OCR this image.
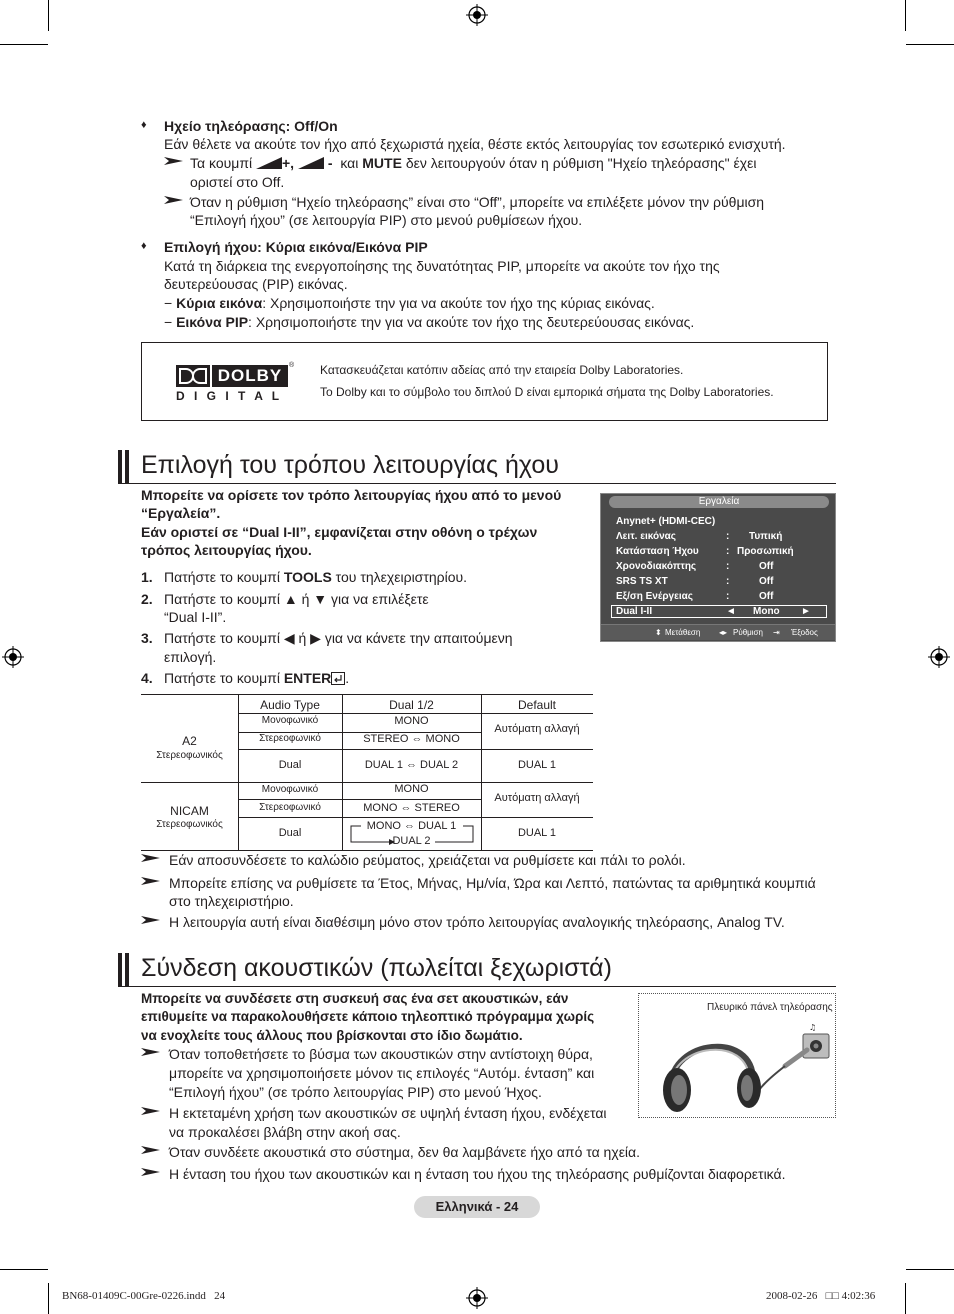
♦ Ηχείο τηλεόρασης: Off/On
Εάν θέλετε να ακούτε τον ήχο από ξεχωριστά ηχεία, θέστε εκτός λειτουργίας τον εσωτερικό ενισχυτή.
Τα κουμπί +, - και MUTE δεν λειτουργούν όταν η ρύθμιση "Ηχείο τηλεόρασης" έχει
οριστεί στο Off.
Όταν η ρύθμιση “Ηχείο τηλεόρασης” είναι στο “Off”, μπορείτε να επιλέξετε μόνον την ρύθμιση
“Επιλογή ήχου” (σε λειτουργία PIP) στο μενού ρυθμίσεων ήχου.
♦ Επιλογή ήχου: Κύρια εικόνα/Εικόνα PIP
Κατά τη διάρκεια της ενεργοποίησης της δυνατότητας PIP, μπορείτε να ακούτε τον ήχο της
δευτερεύουσας (PIP) εικόνας.
− Κύρια εικόνα: Χρησιμοποιήστε την για να ακούτε τον ήχο της κύριας εικόνας.
− Εικόνα PIP: Χρησιμοποιήστε την για να ακούτε τον ήχο της δευτερεύουσας εικόνας.
DOLBY
®
D I G I T A L
Κατασκευάζεται κατόπιν αδείας από την εταιρεία Dolby Laboratories.
Το Dolby και το σύμβολο του διπλού D είναι εμπορικά σήματα της Dolby Laboratories.
Επιλογή του τρόπου λειτουργίας ήχου
Μπορείτε να ορίσετε τον τρόπο λειτουργίας ήχου από το μενού
“Εργαλεία”.
Εάν οριστεί σε “Dual I-II”, εμφανίζεται στην οθόνη ο τρέχων
τρόπος λειτουργίας ήχου.
1. Πατήστε το κουμπί TOOLS του τηλεχειριστηρίου.
2. Πατήστε το κουμπί ▲ ή ▼ για να επιλέξετε
“Dual I-II”.
3. Πατήστε το κουμπί ◀ ή ▶ για να κάνετε την απαιτούμενη
επιλογή.
4. Πατήστε το κουμπί ENTER .
Εργαλεία
Anynet+ (HDMI-CEC)
Λειτ. εικόνας	: Τυπική
Κατάσταση Ήχου	: Προσωπική
Χρονοδιακόπτης	:	Off
SRS TS XT	:	Off
Εξ/ση Ενέργειας	:	Off
Dual I-II	◄ Mono ►
⬍ Μετάθεση ◂▸ Ρύθμιση ⇥ Έξοδος
Audio Type	Dual 1/2	Default
A2
Στερεοφωνικός
Μονοφωνικό	MONO
Στερεοφωνικό	STEREO ⇔ MONO
Αυτόματη αλλαγή
Dual	DUAL 1 ⇔ DUAL 2	DUAL 1
NICAM
Στερεοφωνικός
Μονοφωνικό	MONO
Στερεοφωνικό	MONO ⇔ STEREO
Αυτόματη αλλαγή
Dual
MONO ⇔ DUAL 1
DUAL 2
DUAL 1
Εάν αποσυνδέσετε το καλώδιο ρεύματος, χρειάζεται να ρυθμίσετε και πάλι το ρολόι.
Μπορείτε επίσης να ρυθμίσετε τα Έτος, Μήνας, Ημ/νία, Ώρα και Λεπτό, πατώντας τα αριθμητικά κουμπιά
στο τηλεχειριστήριο.
Η λειτουργία αυτή είναι διαθέσιμη μόνο στον τρόπο λειτουργίας αναλογικής τηλεόρασης, Analog TV.
Σύνδεση ακουστικών (πωλείται ξεχωριστά)
Μπορείτε να συνδέσετε στη συσκευή σας ένα σετ ακουστικών, εάν
επιθυμείτε να παρακολουθήσετε κάποιο τηλεοπτικό πρόγραμμα χωρίς
να ενοχλείτε τους άλλους που βρίσκονται στο ίδιο δωμάτιο.
Όταν τοποθετήσετε το βύσμα των ακουστικών στην αντίστοιχη θύρα,
μπορείτε να χρησιμοποιήσετε μόνον τις επιλογές “Αυτόμ. ένταση” και
“Επιλογή ήχου” (σε τρόπο λειτουργίας PIP) στο μενού Ήχος.
Η εκτεταμένη χρήση των ακουστικών σε υψηλή ένταση ήχου, ενδέχεται
να προκαλέσει βλάβη στην ακοή σας.
Όταν συνδέετε ακουστικά στο σύστημα, δεν θα λαμβάνετε ήχο από τα ηχεία.
Η ένταση του ήχου των ακουστικών και η ένταση του ήχου της τηλεόρασης ρυθμίζονται διαφορετικά.
Πλευρικό πάνελ τηλεόρασης
♫
Ελληνικά - 24
BN68-01409C-00Gre-0226.indd   24	2008-02-26   □□ 4:02:36
